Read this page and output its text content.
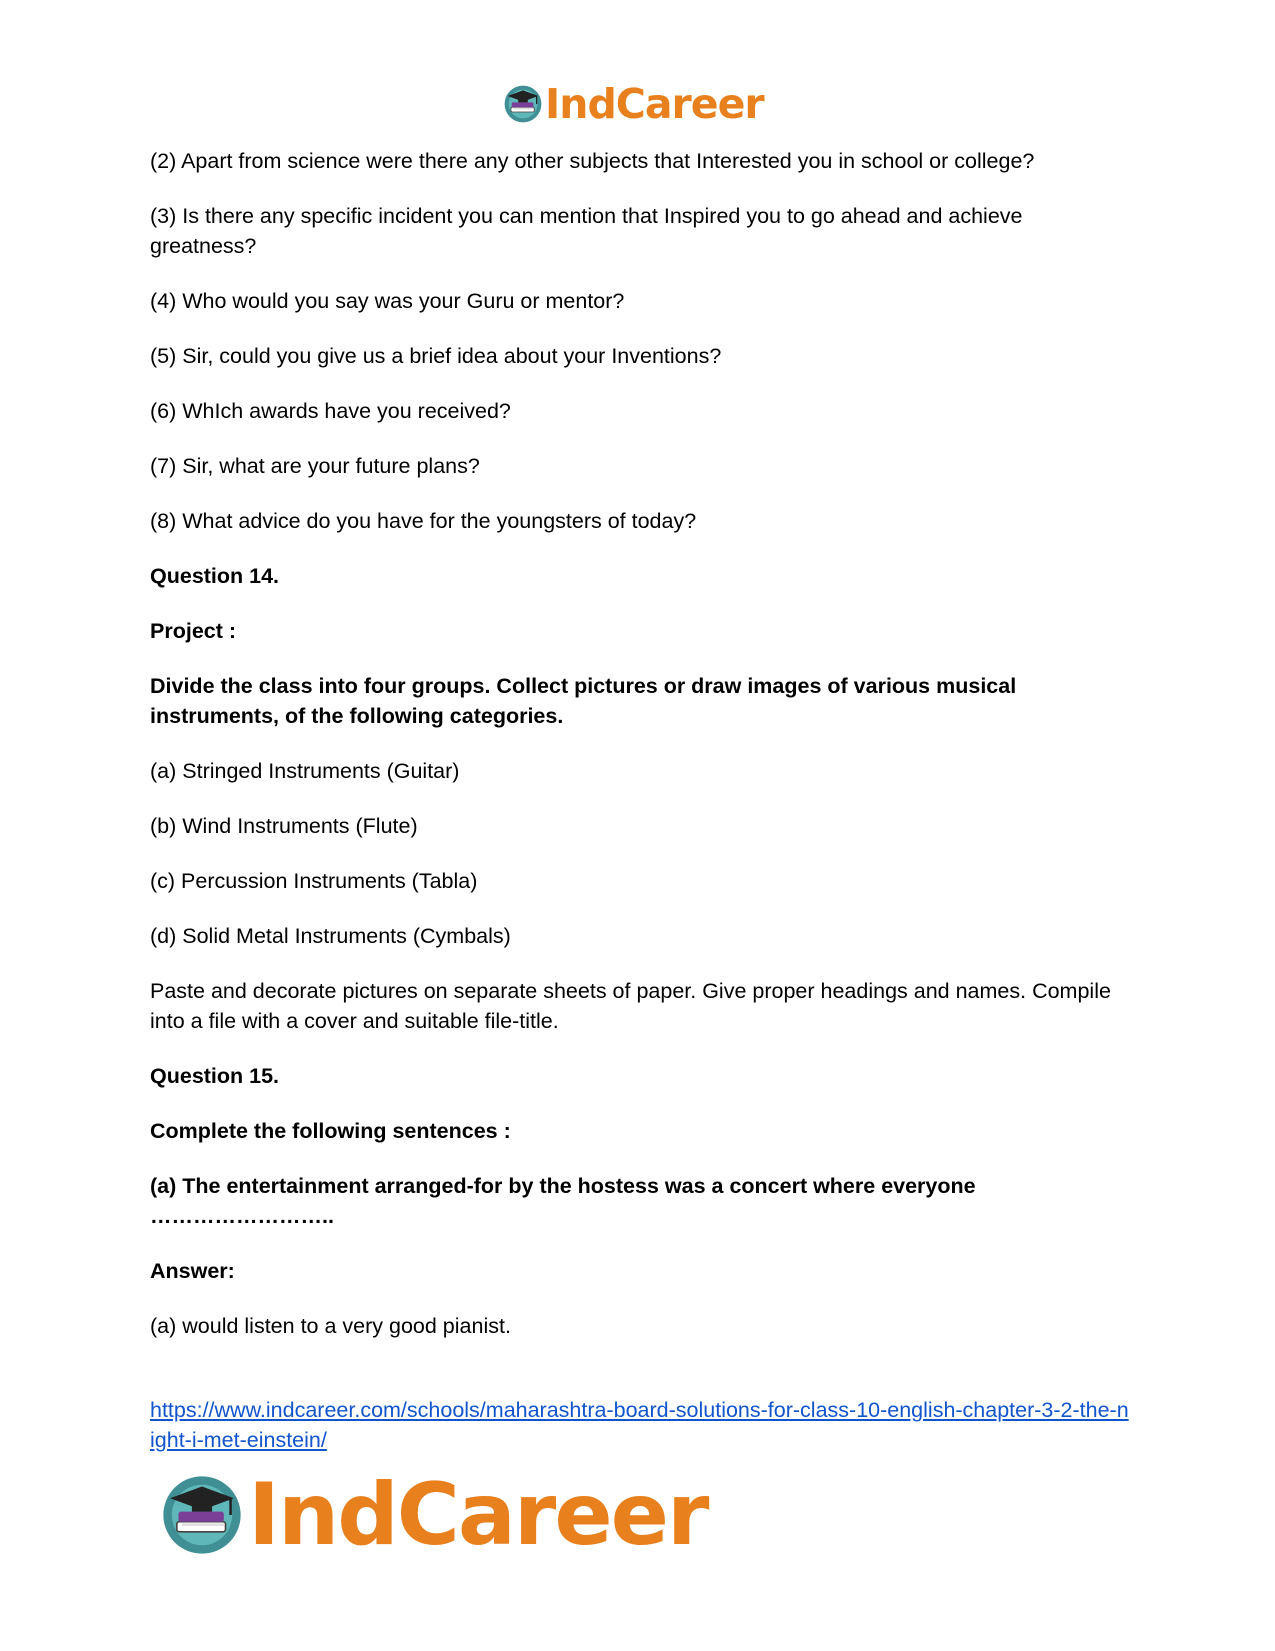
IndCareer

(2) Apart from science were there any other subjects that Interested you in school or college?

(3) Is there any specific incident you can mention that Inspired you to go ahead and achieve greatness?

(4) Who would you say was your Guru or mentor?

(5) Sir, could you give us a brief idea about your Inventions?

(6) WhIch awards have you received?

(7) Sir, what are your future plans?

(8) What advice do you have for the youngsters of today?

Question 14.

Project :

Divide the class into four groups. Collect pictures or draw images of various musical instruments, of the following categories.

(a) Stringed Instruments (Guitar)

(b) Wind Instruments (Flute)

(c) Percussion Instruments (Tabla)

(d) Solid Metal Instruments (Cymbals)

Paste and decorate pictures on separate sheets of paper. Give proper headings and names. Compile into a file with a cover and suitable file-title.

Question 15.

Complete the following sentences :

(a) The entertainment arranged-for by the hostess was a concert where everyone ……………………..

Answer:

(a) would listen to a very good pianist.

https://www.indcareer.com/schools/maharashtra-board-solutions-for-class-10-english-chapter-3-2-the-night-i-met-einstein/
IndCareer
